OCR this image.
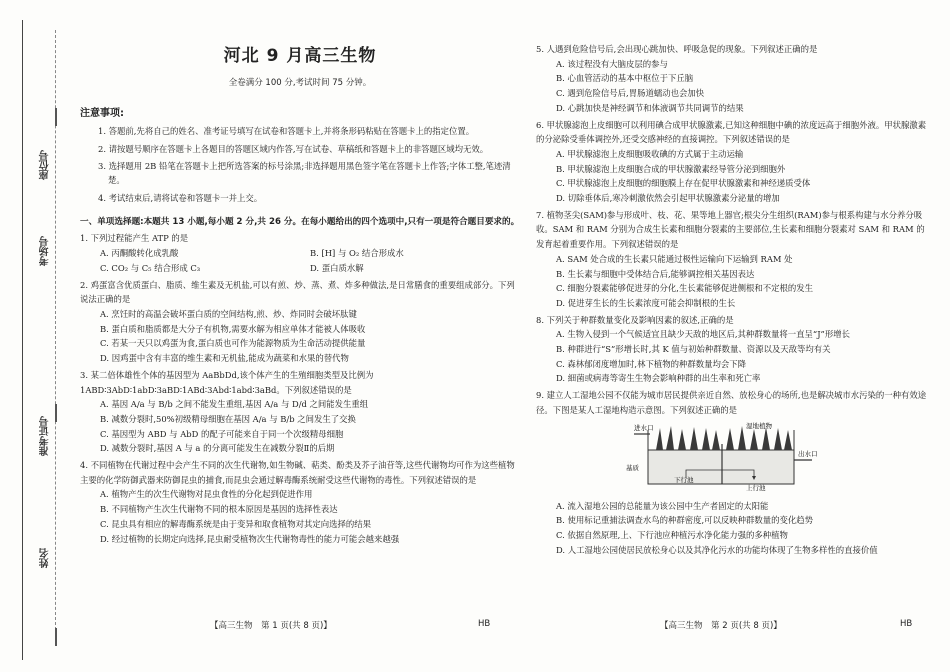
座位号
考场号
准考证号
姓名
河北 9 月高三生物
全卷满分 100 分,考试时间 75 分钟。
注意事项:
1. 答题前,先将自己的姓名、准考证号填写在试卷和答题卡上,并将条形码粘贴在答题卡上的指定位置。
2. 请按题号顺序在答题卡上各题目的答题区域内作答,写在试卷、草稿纸和答题卡上的非答题区域均无效。
3. 选择题用 2B 铅笔在答题卡上把所选答案的标号涂黑;非选择题用黑色签字笔在答题卡上作答;字体工整,笔迹清楚。
4. 考试结束后,请将试卷和答题卡一并上交。
一、单项选择题:本题共 13 小题,每小题 2 分,共 26 分。在每小题给出的四个选项中,只有一项是符合题目要求的。
1. 下列过程能产生 ATP 的是
A. 丙酮酸转化成乳酸	B. [H] 与 O₂ 结合形成水
C. CO₂ 与 C₅ 结合形成 C₃	D. 蛋白质水解
2. 鸡蛋富含优质蛋白、脂质、维生素及无机盐,可以有煎、炒、蒸、煮、炸多种做法,是日常膳食的重要组成部分。下列说法正确的是
A. 烹饪时的高温会破坏蛋白质的空间结构,煎、炒、炸同时会破坏肽键
B. 蛋白质和脂质都是大分子有机物,需要水解为相应单体才能被人体吸收
C. 若某一天只以鸡蛋为食,蛋白质也可作为能源物质为生命活动提供能量
D. 因鸡蛋中含有丰富的维生素和无机盐,能成为蔬菜和水果的替代物
3. 某二倍体雄性个体的基因型为 AaBbDd,该个体产生的生殖细胞类型及比例为 1ABD∶3AbD∶1abD∶3aBD∶1ABd∶3Abd∶1abd∶3aBd。下列叙述错误的是
A. 基因 A/a 与 B/b 之间不能发生重组,基因 A/a 与 D/d 之间能发生重组
B. 减数分裂时,50%初级精母细胞在基因 A/a 与 B/b 之间发生了交换
C. 基因型为 ABD 与 AbD 的配子可能来自于同一个次级精母细胞
D. 减数分裂时,基因 A 与 a 的分离可能发生在减数分裂Ⅱ的后期
4. 不同植物在代谢过程中会产生不同的次生代谢物,如生物碱、萜类、酚类及芥子油苷等,这些代谢物均可作为这些植物主要的化学防御武器来防御昆虫的捕食,而昆虫会通过解毒酶系统耐受这些代谢物的毒性。下列叙述错误的是
A. 植物产生的次生代谢物对昆虫食性的分化起到促进作用
B. 不同植物产生次生代谢物不同的根本原因是基因的选择性表达
C. 昆虫具有相应的解毒酶系统是由于变异和取食植物对其定向选择的结果
D. 经过植物的长期定向选择,昆虫耐受植物次生代谢物毒性的能力可能会越来越强
【高三生物　第 1 页(共 8 页)】	HB
5. 人遇到危险信号后,会出现心跳加快、呼吸急促的现象。下列叙述正确的是
A. 该过程没有大脑皮层的参与
B. 心血管活动的基本中枢位于下丘脑
C. 遇到危险信号后,胃肠道蠕动也会加快
D. 心跳加快是神经调节和体液调节共同调节的结果
6. 甲状腺滤泡上皮细胞可以利用碘合成甲状腺激素,已知这种细胞中碘的浓度远高于细胞外液。甲状腺激素的分泌除受垂体调控外,还受交感神经的直接调控。下列叙述错误的是
A. 甲状腺滤泡上皮细胞吸收碘的方式属于主动运输
B. 甲状腺滤泡上皮细胞合成的甲状腺激素经导管分泌到细胞外
C. 甲状腺滤泡上皮细胞的细胞膜上存在促甲状腺激素和神经递质受体
D. 切除垂体后,寒冷刺激依然会引起甲状腺激素分泌量的增加
7. 植物茎尖(SAM)参与形成叶、枝、花、果等地上器官;根尖分生组织(RAM)参与根系构建与水分养分吸收。SAM 和 RAM 分别为合成生长素和细胞分裂素的主要部位,生长素和细胞分裂素对 SAM 和 RAM 的发育起着重要作用。下列叙述错误的是
A. SAM 处合成的生长素只能通过极性运输向下运输到 RAM 处
B. 生长素与细胞中受体结合后,能够调控相关基因表达
C. 细胞分裂素能够促进芽的分化,生长素能够促进侧根和不定根的发生
D. 促进芽生长的生长素浓度可能会抑制根的生长
8. 下列关于种群数量变化及影响因素的叙述,正确的是
A. 生物入侵到一个气候适宜且缺少天敌的地区后,其种群数量将一直呈“J”形增长
B. 种群进行“S”形增长时,其 K 值与初始种群数量、资源以及天敌等均有关
C. 森林郁闭度增加时,林下植物的种群数量均会下降
D. 細菌或病毒等寄生生物会影响种群的出生率和死亡率
9. 建立人工湿地公园不仅能为城市居民提供亲近自然、放松身心的场所,也是解决城市水污染的一种有效途径。下图是某人工湿地构造示意图。下列叙述正确的是
进水口	湿地植物
出水口
基质
下行池
上行池
A. 流入湿地公园的总能量为该公园中生产者固定的太阳能
B. 使用标记重捕法调查水鸟的种群密度,可以反映种群数量的变化趋势
C. 依据自然原理,上、下行池应种植污水净化能力强的多种植物
D. 人工湿地公园使居民放松身心以及其净化污水的功能均体现了生物多样性的直接价值
【高三生物　第 2 页(共 8 页)】	HB
